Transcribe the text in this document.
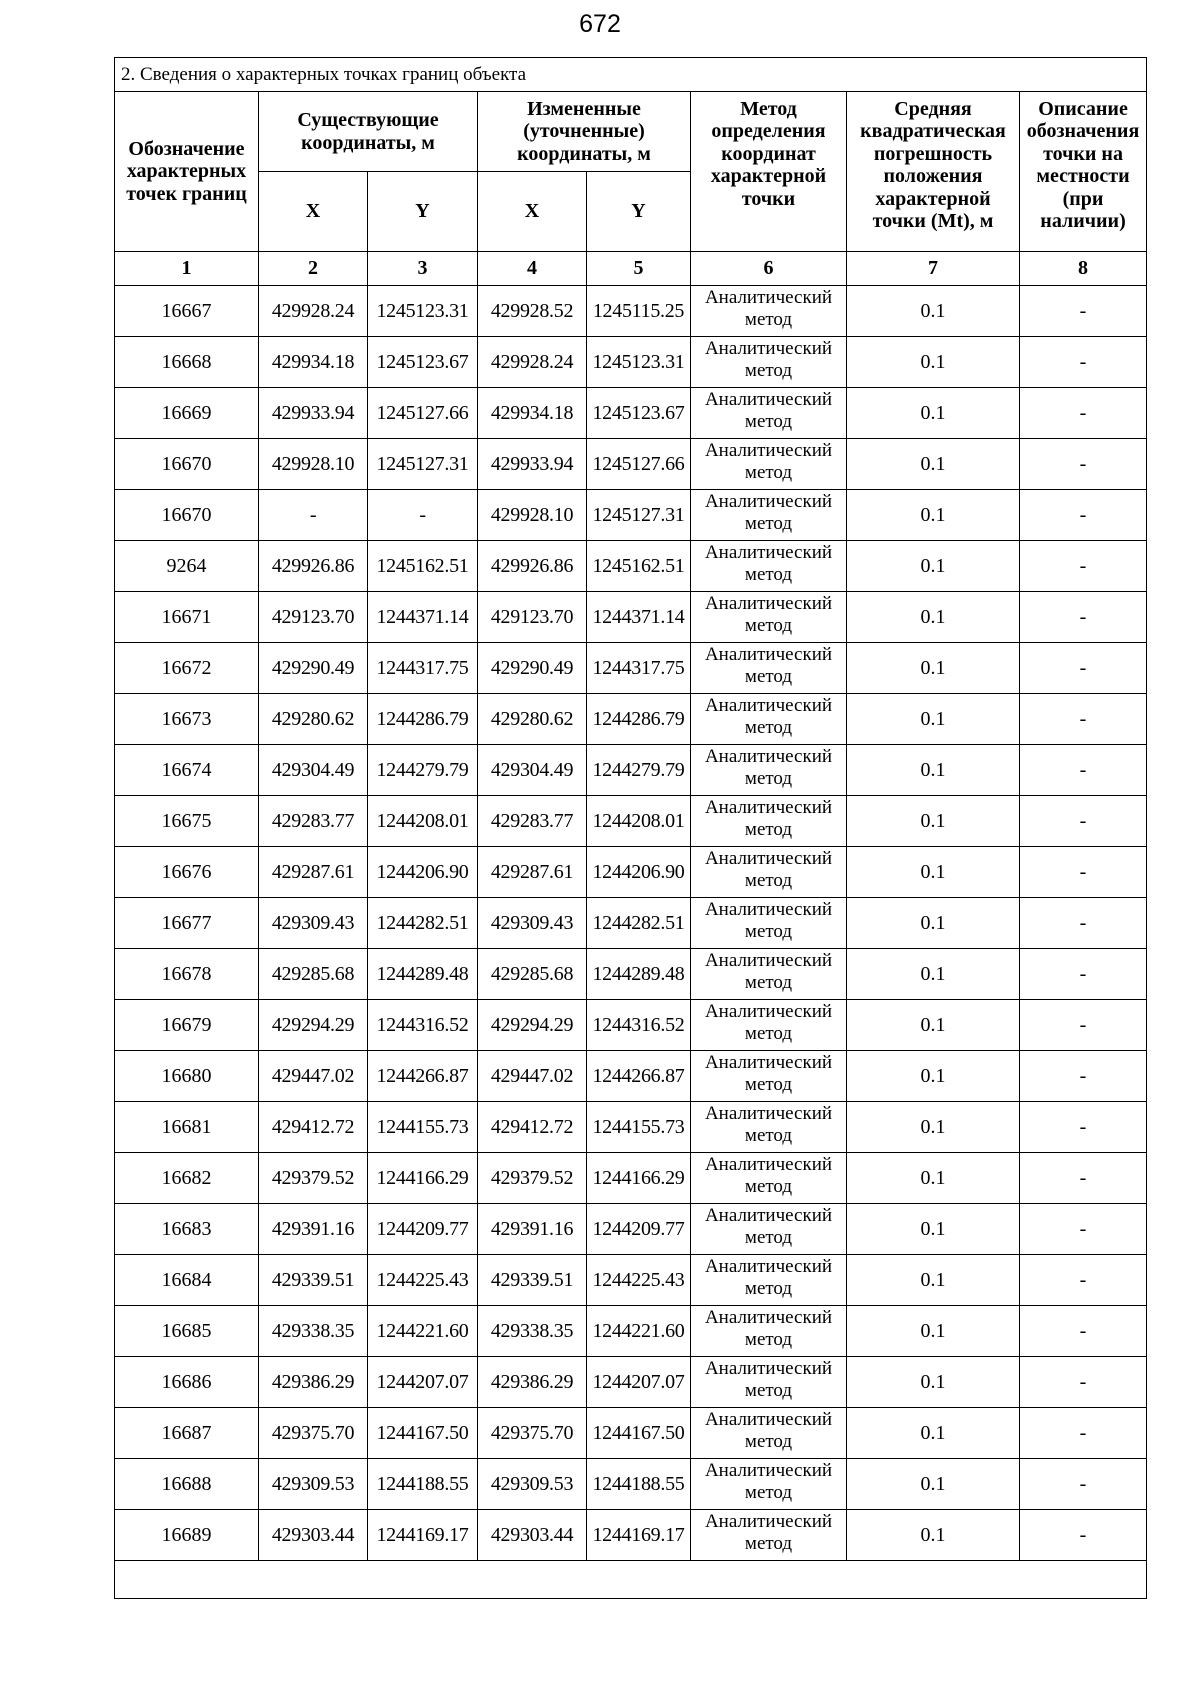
672
2. Сведения о характерных точках границ объекта							
Обозначение характерных точек границ	Существующие координаты, м		Измененные (уточненные) координаты, м		Метод определения координат характерной точки	Средняя квадратическая погрешность положения характерной точки (Mt), м	Описание обозначения точки на местности (при наличии)
	X	Y	X	Y			
1	2	3	4	5	6	7	8
16667	429928.24	1245123.31	429928.52	1245115.25	Аналитический метод	0.1	-
16668	429934.18	1245123.67	429928.24	1245123.31	Аналитический метод	0.1	-
16669	429933.94	1245127.66	429934.18	1245123.67	Аналитический метод	0.1	-
16670	429928.10	1245127.31	429933.94	1245127.66	Аналитический метод	0.1	-
16670	-	-	429928.10	1245127.31	Аналитический метод	0.1	-
9264	429926.86	1245162.51	429926.86	1245162.51	Аналитический метод	0.1	-
16671	429123.70	1244371.14	429123.70	1244371.14	Аналитический метод	0.1	-
16672	429290.49	1244317.75	429290.49	1244317.75	Аналитический метод	0.1	-
16673	429280.62	1244286.79	429280.62	1244286.79	Аналитический метод	0.1	-
16674	429304.49	1244279.79	429304.49	1244279.79	Аналитический метод	0.1	-
16675	429283.77	1244208.01	429283.77	1244208.01	Аналитический метод	0.1	-
16676	429287.61	1244206.90	429287.61	1244206.90	Аналитический метод	0.1	-
16677	429309.43	1244282.51	429309.43	1244282.51	Аналитический метод	0.1	-
16678	429285.68	1244289.48	429285.68	1244289.48	Аналитический метод	0.1	-
16679	429294.29	1244316.52	429294.29	1244316.52	Аналитический метод	0.1	-
16680	429447.02	1244266.87	429447.02	1244266.87	Аналитический метод	0.1	-
16681	429412.72	1244155.73	429412.72	1244155.73	Аналитический метод	0.1	-
16682	429379.52	1244166.29	429379.52	1244166.29	Аналитический метод	0.1	-
16683	429391.16	1244209.77	429391.16	1244209.77	Аналитический метод	0.1	-
16684	429339.51	1244225.43	429339.51	1244225.43	Аналитический метод	0.1	-
16685	429338.35	1244221.60	429338.35	1244221.60	Аналитический метод	0.1	-
16686	429386.29	1244207.07	429386.29	1244207.07	Аналитический метод	0.1	-
16687	429375.70	1244167.50	429375.70	1244167.50	Аналитический метод	0.1	-
16688	429309.53	1244188.55	429309.53	1244188.55	Аналитический метод	0.1	-
16689	429303.44	1244169.17	429303.44	1244169.17	Аналитический метод	0.1	-
